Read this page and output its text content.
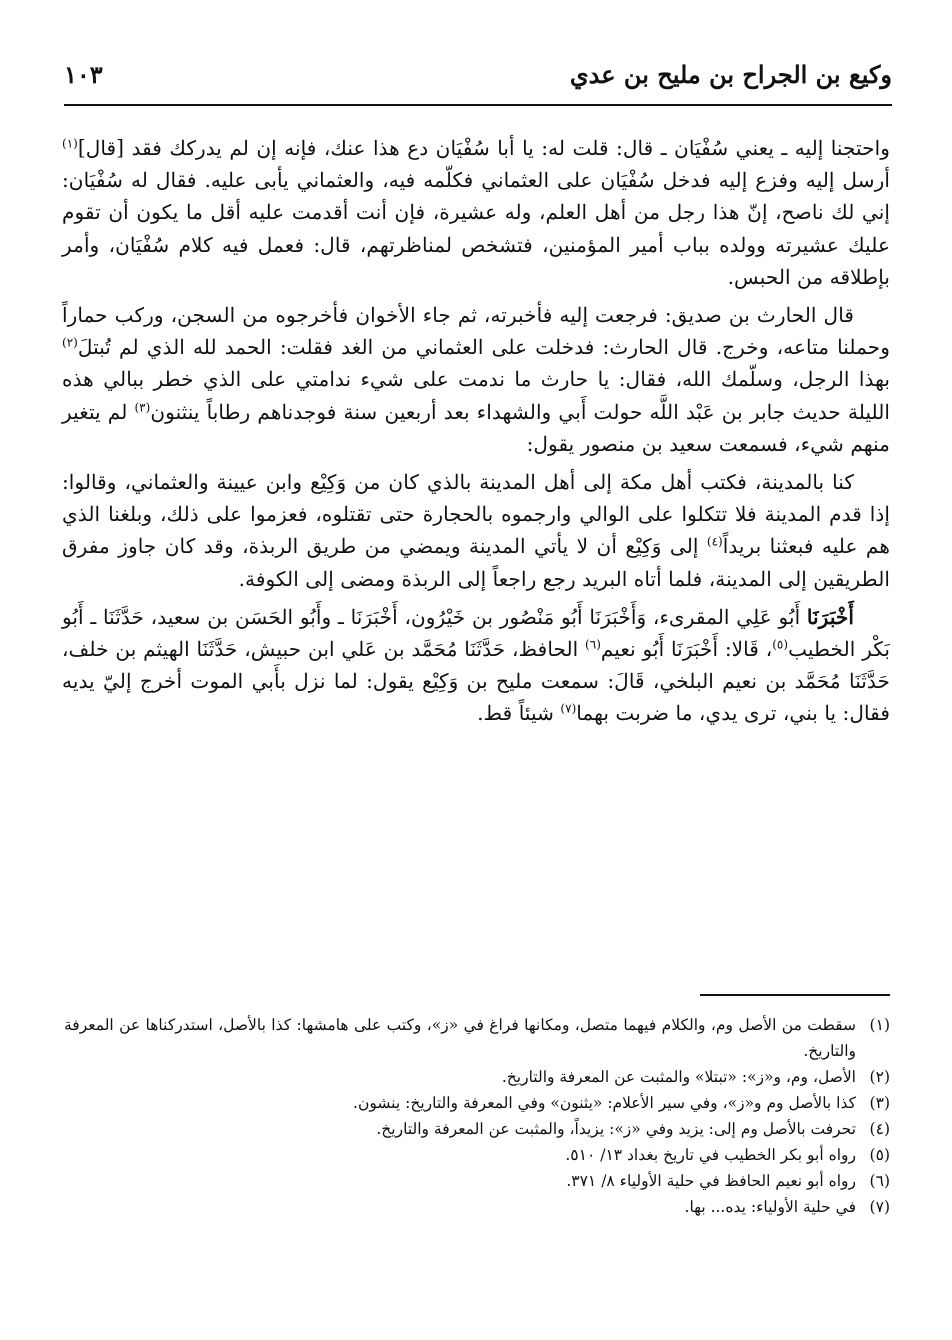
وكيع بن الجراح بن مليح بن عدي
١٠٣

واحتجنا إليه ـ يعني سُفْيَان ـ قال: قلت له: يا أبا سُفْيَان دع هذا عنك، فإنه إن لم يدركك فقد [قال]$^{(١)}$ أرسل إليه وفزع إليه فدخل سُفْيَان على العثماني فكلّمه فيه، والعثماني يأبى عليه. فقال له سُفْيَان: إني لك ناصح، إنّ هذا رجل من أهل العلم، وله عشيرة، فإن أنت أقدمت عليه أقل ما يكون أن تقوم عليك عشيرته وولده بباب أمير المؤمنين، فتشخص لمناظرتهم، قال: فعمل فيه كلام سُفْيَان، وأمر بإطلاقه من الحبس.

قال الحارث بن صديق: فرجعت إليه فأخبرته، ثم جاء الأخوان فأخرجوه من السجن، وركب حماراً وحملنا متاعه، وخرج. قال الحارث: فدخلت على العثماني من الغد فقلت: الحمد لله الذي لم تُبتلَ$^{(٢)}$ بهذا الرجل، وسلّمك الله، فقال: يا حارث ما ندمت على شيء ندامتي على الذي خطر ببالي هذه الليلة حديث جابر بن عَبْد اللَّه حولت أَبي والشهداء بعد أربعين سنة فوجدناهم رطاباً ينثنون$^{(٣)}$ لم يتغير منهم شيء، فسمعت سعيد بن منصور يقول:

كنا بالمدينة، فكتب أهل مكة إلى أهل المدينة بالذي كان من وَكِيْع وابن عيينة والعثماني، وقالوا: إذا قدم المدينة فلا تتكلوا على الوالي وارجموه بالحجارة حتى تقتلوه، فعزموا على ذلك، وبلغنا الذي هم عليه فبعثنا بريداً$^{(٤)}$ إلى وَكِيْع أن لا يأتي المدينة ويمضي من طريق الربذة، وقد كان جاوز مفرق الطريقين إلى المدينة، فلما أتاه البريد رجع راجعاً إلى الربذة ومضى إلى الكوفة.

أَخْبَرَنَا أَبُو عَلِي المقرىء، وَأَخْبَرَنَا أَبُو مَنْصُور بن خَيْرُون، أَخْبَرَنَا ـ وأَبُو الحَسَن بن سعيد، حَدَّثَنَا ـ أَبُو بَكْر الخطيب$^{(٥)}$، قَالا: أَخْبَرَنَا أَبُو نعيم$^{(٦)}$ الحافظ، حَدَّثَنَا مُحَمَّد بن عَلي ابن حبيش، حَدَّثَنَا الهيثم بن خلف، حَدَّثَنَا مُحَمَّد بن نعيم البلخي، قَالَ: سمعت مليح بن وَكِيْع يقول: لما نزل بأَبي الموت أخرج إليّ يديه فقال: يا بني، ترى يدي، ما ضربت بهما$^{(٧)}$ شيئاً قط.

(١)
سقطت من الأصل وم، والكلام فيهما متصل، ومكانها فراغ في «ز»، وكتب على هامشها: كذا بالأصل، استدركناها عن المعرفة والتاريخ.
(٢)
الأصل، وم، و«ز»: «تبتلا» والمثبت عن المعرفة والتاريخ.
(٣)
كذا بالأصل وم و«ز»، وفي سير الأعلام: «يثنون» وفي المعرفة والتاريخ: ينشون.
(٤)
تحرفت بالأصل وم إلى: يزيد وفي «ز»: يزيداً، والمثبت عن المعرفة والتاريخ.
(٥)
رواه أبو بكر الخطيب في تاريخ بغداد ١٣/ ٥١٠.
(٦)
رواه أبو نعيم الحافظ في حلية الأولياء ٨/ ٣٧١.
(٧)
في حلية الأولياء: يده... بها.
